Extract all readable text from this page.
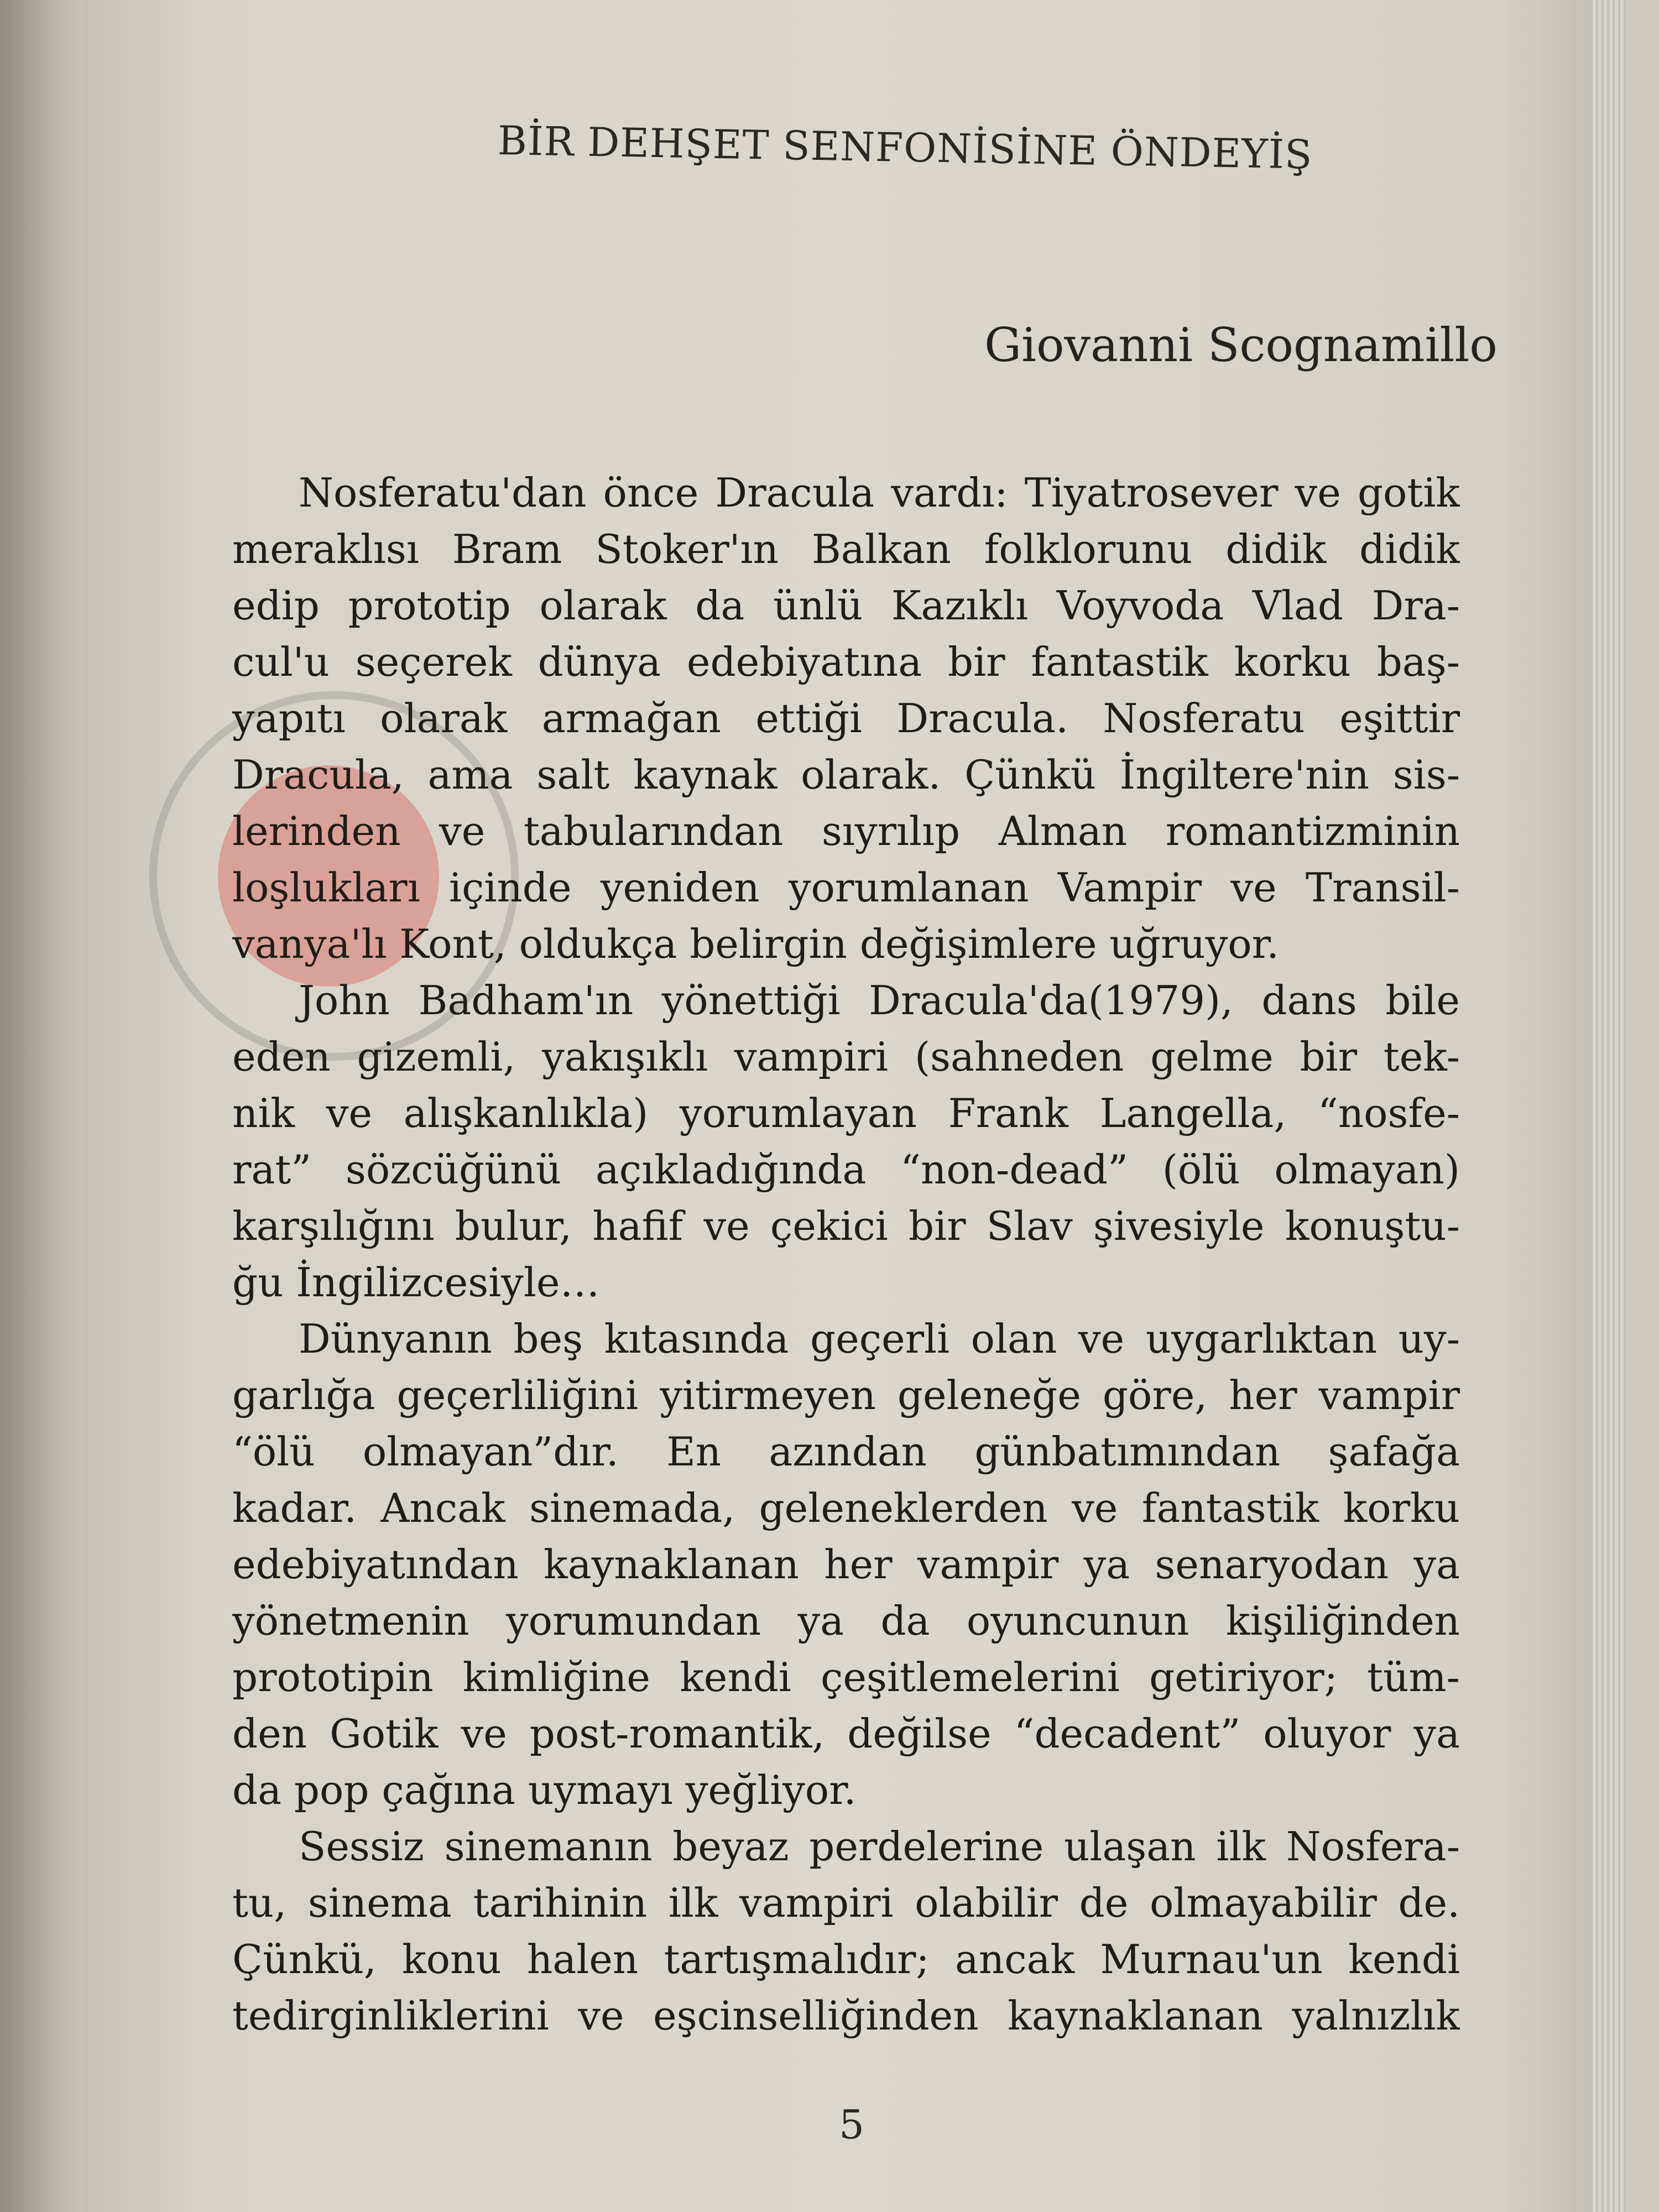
BİR DEHŞET SENFONİSİNE ÖNDEYİŞ
Giovanni Scognamillo
Nosferatu'dan önce Dracula vardı: Tiyatrosever ve gotik
meraklısı Bram Stoker'ın Balkan folklorunu didik didik
edip prototip olarak da ünlü Kazıklı Voyvoda Vlad Dra-
cul'u seçerek dünya edebiyatına bir fantastik korku baş-
yapıtı olarak armağan ettiği Dracula. Nosferatu eşittir
Dracula, ama salt kaynak olarak. Çünkü İngiltere'nin sis-
lerinden ve tabularından sıyrılıp Alman romantizminin
loşlukları içinde yeniden yorumlanan Vampir ve Transil-
vanya'lı Kont, oldukça belirgin değişimlere uğruyor.
John Badham'ın yönettiği Dracula'da(1979), dans bile
eden gizemli, yakışıklı vampiri (sahneden gelme bir tek-
nik ve alışkanlıkla) yorumlayan Frank Langella, “nosfe-
rat” sözcüğünü açıkladığında “non-dead” (ölü olmayan)
karşılığını bulur, hafif ve çekici bir Slav şivesiyle konuştu-
ğu İngilizcesiyle…
Dünyanın beş kıtasında geçerli olan ve uygarlıktan uy-
garlığa geçerliliğini yitirmeyen geleneğe göre, her vampir
“ölü olmayan”dır. En azından günbatımından şafağa
kadar. Ancak sinemada, geleneklerden ve fantastik korku
edebiyatından kaynaklanan her vampir ya senaryodan ya
yönetmenin yorumundan ya da oyuncunun kişiliğinden
prototipin kimliğine kendi çeşitlemelerini getiriyor; tüm-
den Gotik ve post-romantik, değilse “decadent” oluyor ya
da pop çağına uymayı yeğliyor.
Sessiz sinemanın beyaz perdelerine ulaşan ilk Nosfera-
tu, sinema tarihinin ilk vampiri olabilir de olmayabilir de.
Çünkü, konu halen tartışmalıdır; ancak Murnau'un kendi
tedirginliklerini ve eşcinselliğinden kaynaklanan yalnızlık
5
